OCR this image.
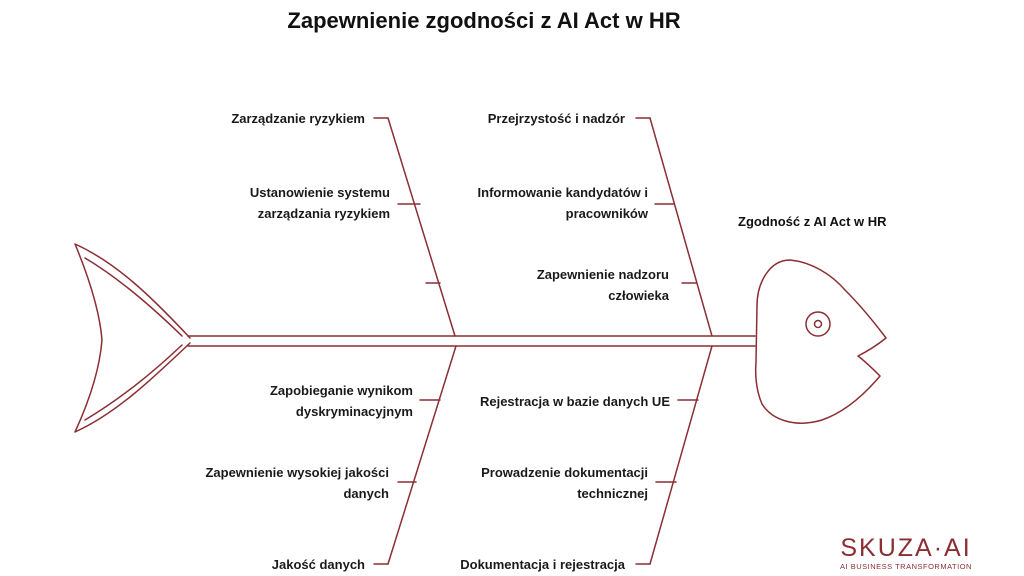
Zapewnienie zgodności z AI Act w HR
Zarządzanie ryzykiem	Przejrzystość i nadzór
Jakość danych	Dokumentacja i rejestracja
Ustanowienie systemu
zarządzania ryzykiem
Informowanie kandydatów i
pracowników
Zapewnienie nadzoru
człowieka
Zapobieganie wynikom
dyskryminacyjnym
Zapewnienie wysokiej jakości
danych
Rejestracja w bazie danych UE
Prowadzenie dokumentacji
technicznej
Zgodność z AI Act w HR
SKUZA·AI
AI BUSINESS TRANSFORMATION
